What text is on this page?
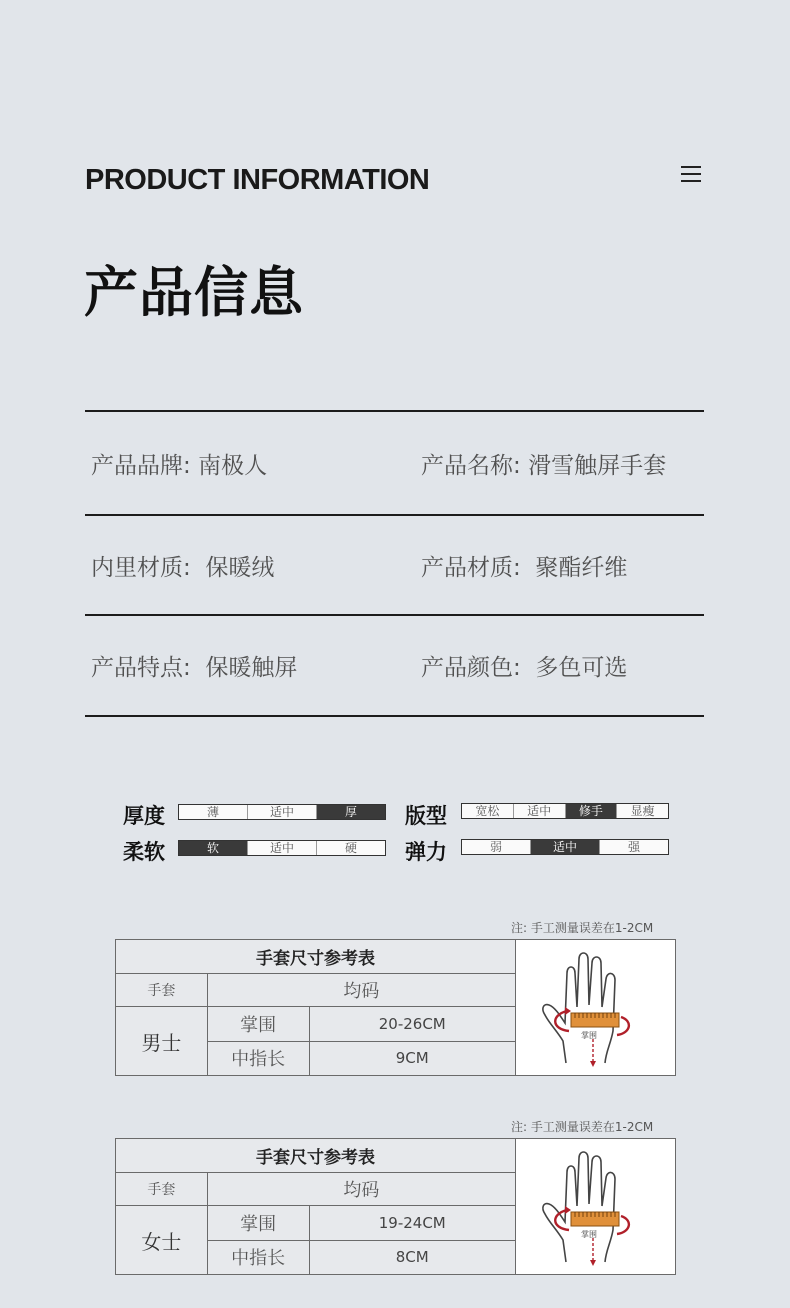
PRODUCT INFORMATION
产品信息
产品品牌: 南极人	产品名称: 滑雪触屏手套
内里材质: 保暖绒	产品材质: 聚酯纤维
产品特点: 保暖触屏	产品颜色: 多色可选
厚度	薄	适中	厚	版型	宽松	适中	修手	显瘦
柔软	软	适中	硬	弹力	弱	适中	强
注: 手工测量误差在1-2CM
手套尺寸参考表			掌围

手套	均码		
男士	掌围	20-26CM	
	中指长	9CM	
注: 手工测量误差在1-2CM
手套尺寸参考表			掌围

手套	均码		
女士	掌围	19-24CM	
	中指长	8CM	
